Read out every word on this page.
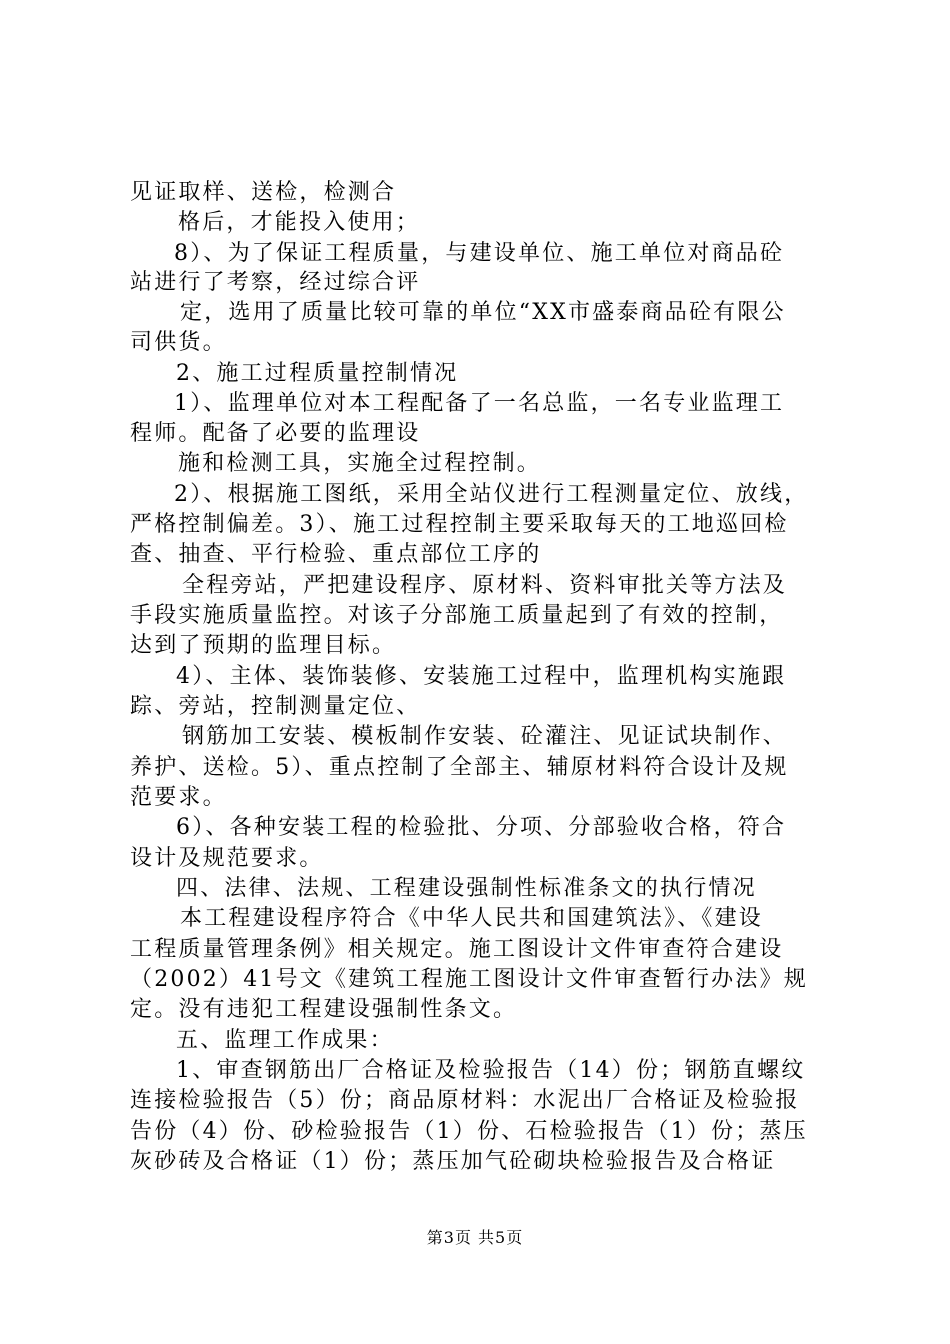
见证取样、送检，检测合
格后，才能投入使用；
8）、为了保证工程质量，与建设单位、施工单位对商品砼
站进行了考察，经过综合评
定，选用了质量比较可靠的单位“XX市盛泰商品砼有限公
司供货。
2、施工过程质量控制情况
1）、监理单位对本工程配备了一名总监，一名专业监理工
程师。配备了必要的监理设
施和检测工具，实施全过程控制。
2）、根据施工图纸，采用全站仪进行工程测量定位、放线，
严格控制偏差。3）、施工过程控制主要采取每天的工地巡回检
查、抽查、平行检验、重点部位工序的
全程旁站，严把建设程序、原材料、资料审批关等方法及
手段实施质量监控。对该子分部施工质量起到了有效的控制，
达到了预期的监理目标。
4）、主体、装饰装修、安装施工过程中，监理机构实施跟
踪、旁站，控制测量定位、
钢筋加工安装、模板制作安装、砼灌注、见证试块制作、
养护、送检。5）、重点控制了全部主、辅原材料符合设计及规
范要求。
6）、各种安装工程的检验批、分项、分部验收合格，符合
设计及规范要求。
四、法律、法规、工程建设强制性标准条文的执行情况
本工程建设程序符合《中华人民共和国建筑法》、《建设
工程质量管理条例》相关规定。施工图设计文件审查符合建设
（2002）41号文《建筑工程施工图设计文件审查暂行办法》规
定。没有违犯工程建设强制性条文。
五、监理工作成果：
1、审查钢筋出厂合格证及检验报告（14）份；钢筋直螺纹
连接检验报告（5）份；商品原材料：水泥出厂合格证及检验报
告份（4）份、砂检验报告（1）份、石检验报告（1）份；蒸压
灰砂砖及合格证（1）份；蒸压加气砼砌块检验报告及合格证
第3页 共5页
